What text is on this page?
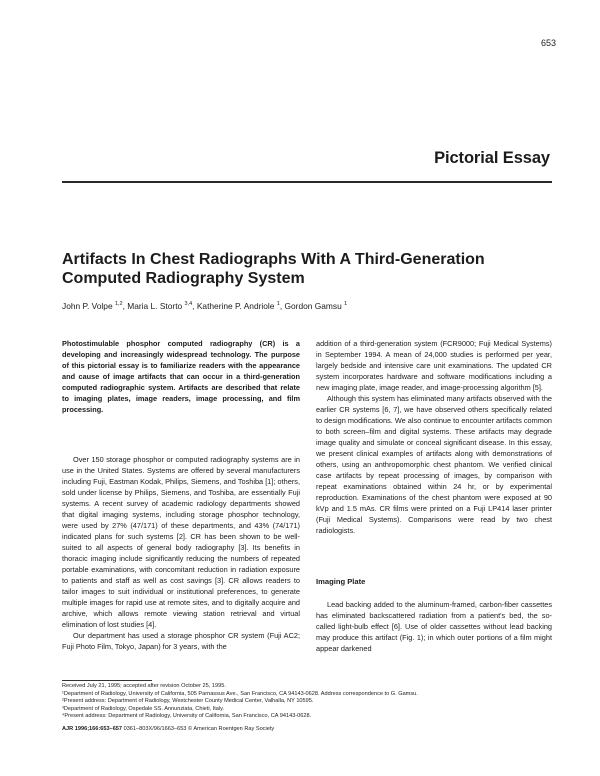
653
Pictorial Essay
Artifacts In Chest Radiographs With A Third-Generation Computed Radiography System
John P. Volpe $^{1,2}$, Maria L. Storto $^{3,4}$, Katherine P. Andriole $^1$, Gordon Gamsu $^1$

Photostimulable phosphor computed radiography (CR) is a developing and increasingly widespread technology. The purpose of this pictorial essay is to familiarize readers with the appearance and cause of image artifacts that can occur in a third-generation computed radiographic system. Artifacts are described that relate to imaging plates, image readers, image processing, and film processing.

Over 150 storage phosphor or computed radiography systems are in use in the United States. Systems are offered by several manufacturers including Fuji, Eastman Kodak, Philips, Siemens, and Toshiba [1]; others, sold under license by Philips, Siemens, and Toshiba, are essentially Fuji systems. A recent survey of academic radiology departments showed that digital imaging systems, including storage phosphor technology, were used by 27% (47/171) of these departments, and 43% (74/171) indicated plans for such systems [2]. CR has been shown to be well-suited to all aspects of general body radiography [3]. Its benefits in thoracic imaging include significantly reducing the numbers of repeated portable examinations, with concomitant reduction in radiation exposure to patients and staff as well as cost savings [3]. CR allows readers to tailor images to suit individual or institutional preferences, to generate multiple images for rapid use at remote sites, and to digitally acquire and archive, which allows remote viewing station retrieval and virtual elimination of lost studies [4].

Our department has used a storage phosphor CR system (Fuji AC2; Fuji Photo Film, Tokyo, Japan) for 3 years, with the

addition of a third-generation system (FCR9000; Fuji Medical Systems) in September 1994. A mean of 24,000 studies is performed per year, largely bedside and intensive care unit examinations. The updated CR system incorporates hardware and software modifications including a new imaging plate, image reader, and image-processing algorithm [5].

Although this system has eliminated many artifacts observed with the earlier CR systems [6, 7], we have observed others specifically related to design modifications. We also continue to encounter artifacts common to both screen–film and digital systems. These artifacts may degrade image quality and simulate or conceal significant disease. In this essay, we present clinical examples of artifacts along with demonstrations of others, using an anthropomorphic chest phantom. We verified clinical case artifacts by repeat processing of images, by comparison with repeat examinations obtained within 24 hr, or by experimental reproduction. Examinations of the chest phantom were exposed at 90 kVp and 1.5 mAs. CR films were printed on a Fuji LP414 laser printer (Fuji Medical Systems). Comparisons were read by two chest radiologists.

Imaging Plate

Lead backing added to the aluminum-framed, carbon-fiber cassettes has eliminated backscattered radiation from a patient's bed, the so-called light-bulb effect [6]. Use of older cassettes without lead backing may produce this artifact (Fig. 1); in which outer portions of a film might appear darkened

Received July 21, 1995; accepted after revision October 25, 1995.
¹Department of Radiology, University of California, 505 Parnassus Ave., San Francisco, CA 94143-0628. Address correspondence to G. Gamsu.
²Present address: Department of Radiology, Westchester County Medical Center, Valhalla, NY 10595.
³Department of Radiology, Ospedale SS. Annunziata, Chieti, Italy.
⁴Present address: Department of Radiology, University of California, San Francisco, CA 94143-0628.
AJR 1996;166:653–657 0361–803X/96/1663–653 © American Roentgen Ray Society
